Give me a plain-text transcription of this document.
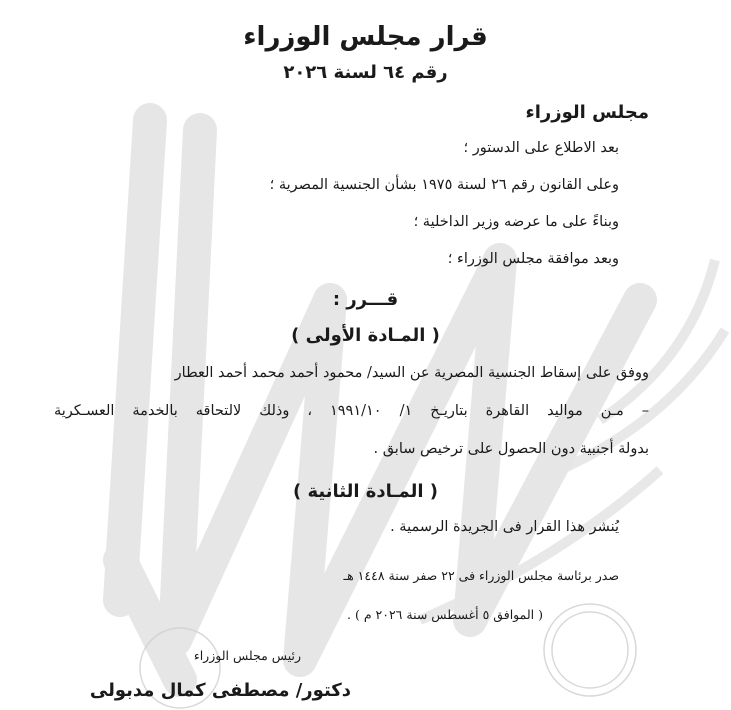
قرار مجلس الوزراء
رقم ٦٤ لسنة ٢٠٢٦
مجلس الوزراء
بعد الاطلاع على الدستور ؛
وعلى القانون رقم ٢٦ لسنة ١٩٧٥ بشأن الجنسية المصرية ؛
وبناءً على ما عرضه وزير الداخلية ؛
وبعد موافقة مجلس الوزراء ؛
قـــرر :
( المـادة الأولى )
ووفق على إسقاط الجنسية المصرية عن السيد/ محمود أحمد محمد أحمد العطار
– مـن مواليد القاهرة بتاريـخ ١/ ١٩٩١/١٠ ، وذلك لالتحاقه بالخدمة العسـكرية
بدولة أجنبية دون الحصول على ترخيص سابق .
( المـادة الثانية )
يُنشر هذا القرار فى الجريدة الرسمية .
صدر برئاسة مجلس الوزراء فى ٢٢ صفر سنة ١٤٤٨ هـ
( الموافق ٥ أغسطس سنة ٢٠٢٦ م ) .
رئيس مجلس الوزراء
دكتور/ مصطفى كمال مدبولى
